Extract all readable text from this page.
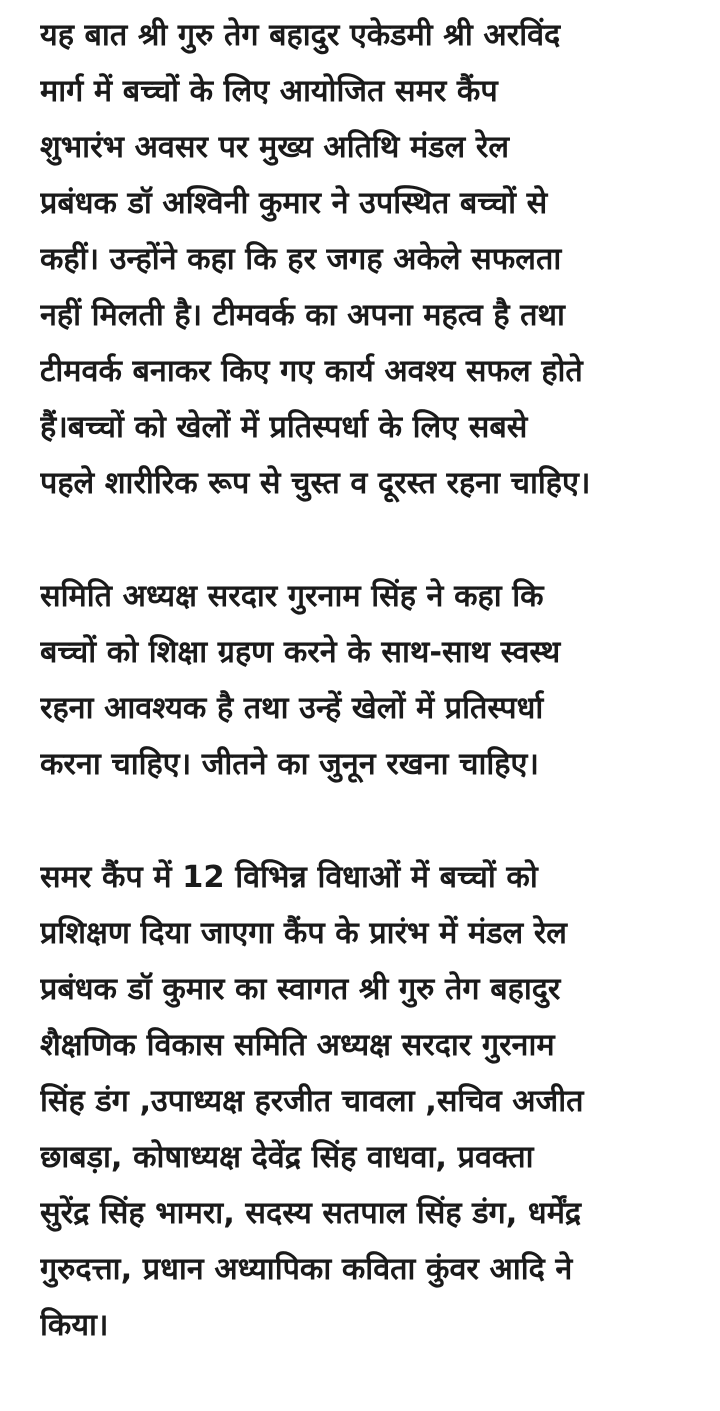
यह बात श्री गुरु तेग बहादुर एकेडमी श्री अरविंद
मार्ग में बच्चों के लिए आयोजित समर कैंप
शुभारंभ अवसर पर मुख्य अतिथि मंडल रेल
प्रबंधक डॉ अश्विनी कुमार ने उपस्थित बच्चों से
कहीं। उन्होंने कहा कि हर जगह अकेले सफलता
नहीं मिलती है। टीमवर्क का अपना महत्व है तथा
टीमवर्क बनाकर किए गए कार्य अवश्य सफल होते
हैं।बच्चों को खेलों में प्रतिस्पर्धा के लिए सबसे
पहले शारीरिक रूप से चुस्त व दूरस्त रहना चाहिए।

समिति अध्यक्ष सरदार गुरनाम सिंह ने कहा कि
बच्चों को शिक्षा ग्रहण करने के साथ-साथ स्वस्थ
रहना आवश्यक है तथा उन्हें खेलों में प्रतिस्पर्धा
करना चाहिए। जीतने का जुनून रखना चाहिए।

समर कैंप में 12 विभिन्न विधाओं में बच्चों को
प्रशिक्षण दिया जाएगा कैंप के प्रारंभ में मंडल रेल
प्रबंधक डॉ कुमार का स्वागत श्री गुरु तेग बहादुर
शैक्षणिक विकास समिति अध्यक्ष सरदार गुरनाम
सिंह डंग ,उपाध्यक्ष हरजीत चावला ,सचिव अजीत
छाबड़ा, कोषाध्यक्ष देवेंद्र सिंह वाधवा, प्रवक्ता
सुरेंद्र सिंह भामरा, सदस्य सतपाल सिंह डंग, धर्मेंद्र
गुरुदत्ता, प्रधान अध्यापिका कविता कुंवर आदि ने
किया।
